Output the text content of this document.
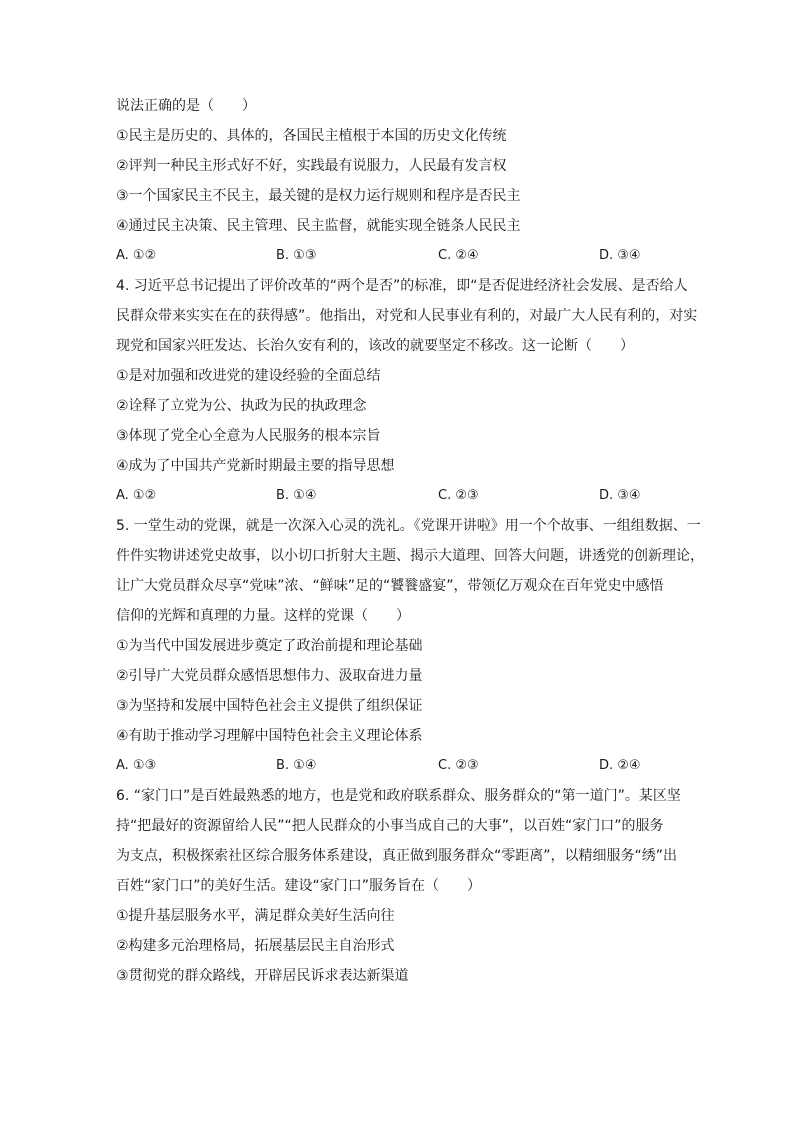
说法正确的是（　　）
①民主是历史的、具体的，各国民主植根于本国的历史文化传统
②评判一种民主形式好不好，实践最有说服力，人民最有发言权
③一个国家民主不民主，最关键的是权力运行规则和程序是否民主
④通过民主决策、民主管理、民主监督，就能实现全链条人民民主
A. ①②	B. ①③	C. ②④	D. ③④
4. 习近平总书记提出了评价改革的“两个是否”的标准，即“是否促进经济社会发展、是否给人
民群众带来实实在在的获得感”。他指出，对党和人民事业有利的，对最广大人民有利的，对实
现党和国家兴旺发达、长治久安有利的，该改的就要坚定不移改。这一论断（　　）
①是对加强和改进党的建设经验的全面总结
②诠释了立党为公、执政为民的执政理念
③体现了党全心全意为人民服务的根本宗旨
④成为了中国共产党新时期最主要的指导思想
A. ①②	B. ①④	C. ②③	D. ③④
5. 一堂生动的党课，就是一次深入心灵的洗礼。《党课开讲啦》用一个个故事、一组组数据、一
件件实物讲述党史故事，以小切口折射大主题、揭示大道理、回答大问题，讲透党的创新理论，
让广大党员群众尽享“党味”浓、“鲜味”足的“饕餮盛宴”，带领亿万观众在百年党史中感悟
信仰的光辉和真理的力量。这样的党课（　　）
①为当代中国发展进步奠定了政治前提和理论基础
②引导广大党员群众感悟思想伟力、汲取奋进力量
③为坚持和发展中国特色社会主义提供了组织保证
④有助于推动学习理解中国特色社会主义理论体系
A. ①③	B. ①④	C. ②③	D. ②④
6. “家门口”是百姓最熟悉的地方，也是党和政府联系群众、服务群众的“第一道门”。某区坚
持“把最好的资源留给人民”“把人民群众的小事当成自己的大事”，以百姓“家门口”的服务
为支点，积极探索社区综合服务体系建设，真正做到服务群众“零距离”，以精细服务“绣”出
百姓“家门口”的美好生活。建设“家门口”服务旨在（　　）
①提升基层服务水平，满足群众美好生活向往
②构建多元治理格局，拓展基层民主自治形式
③贯彻党的群众路线，开辟居民诉求表达新渠道
